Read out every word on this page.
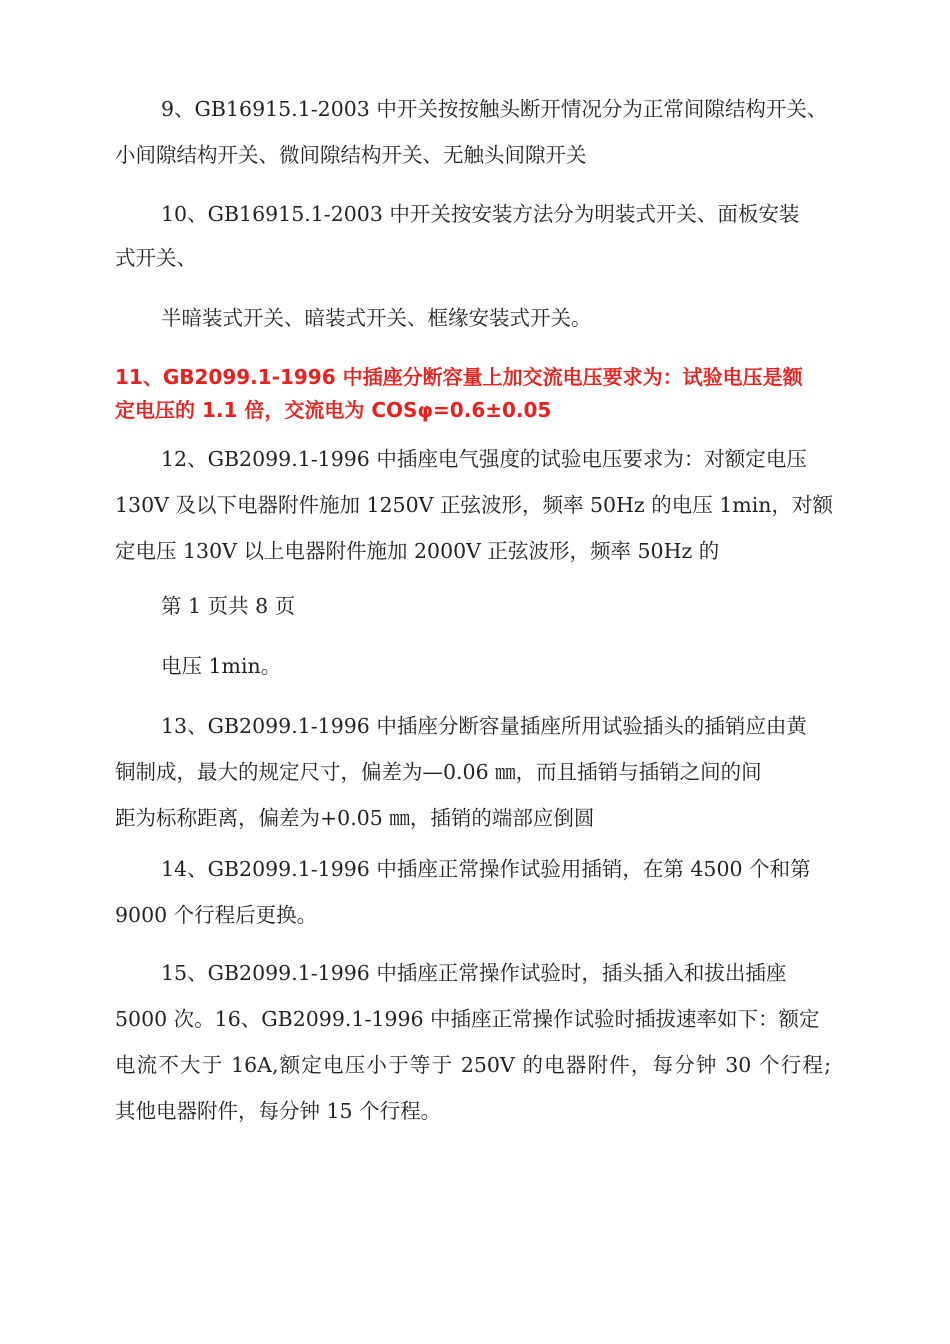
9、GB16915.1-2003 中开关按按触头断开情况分为正常间隙结构开关、
小间隙结构开关、微间隙结构开关、无触头间隙开关

10、GB16915.1-2003 中开关按安装方法分为明装式开关、面板安装
式开关、

半暗装式开关、暗装式开关、框缘安装式开关。

11、GB2099.1-1996 中插座分断容量上加交流电压要求为：试验电压是额
定电压的 1.1 倍，交流电为 COSφ=0.6±0.05

12、GB2099.1-1996 中插座电气强度的试验电压要求为：对额定电压
130V 及以下电器附件施加 1250V 正弦波形，频率 50Hz 的电压 1min，对额
定电压 130V 以上电器附件施加 2000V 正弦波形，频率 50Hz 的

第 1 页共 8 页

电压 1min。

13、GB2099.1-1996 中插座分断容量插座所用试验插头的插销应由黄
铜制成，最大的规定尺寸，偏差为—0.06 ㎜，而且插销与插销之间的间
距为标称距离，偏差为+0.05 ㎜，插销的端部应倒圆

14、GB2099.1-1996 中插座正常操作试验用插销，在第 4500 个和第
9000 个行程后更换。

15、GB2099.1-1996 中插座正常操作试验时，插头插入和拔出插座
5000 次。16、GB2099.1-1996 中插座正常操作试验时插拔速率如下：额定
电流不大于 16A,额定电压小于等于 250V 的电器附件，每分钟 30 个行程;
其他电器附件，每分钟 15 个行程。
